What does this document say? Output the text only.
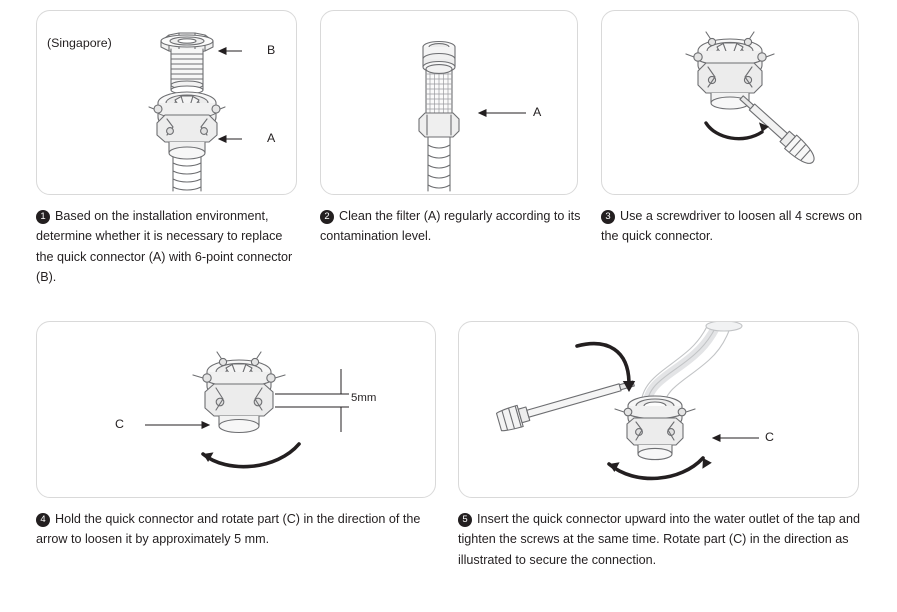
(Singapore)	B
A
A
1 Based on the installation environment, determine whether it is necessary to replace the quick connector (A) with 6-point connector (B).
2 Clean the filter (A) regularly according to its contamination level.
3 Use a screwdriver to loosen all 4 screws on the quick connector.
C
5mm
C
4 Hold the quick connector and rotate part (C) in the direction of the arrow to loosen it by approximately 5 mm.
5 Insert the quick connector upward into the water outlet of the tap and tighten the screws at the same time. Rotate part (C) in the direction as illustrated to secure the connection.
